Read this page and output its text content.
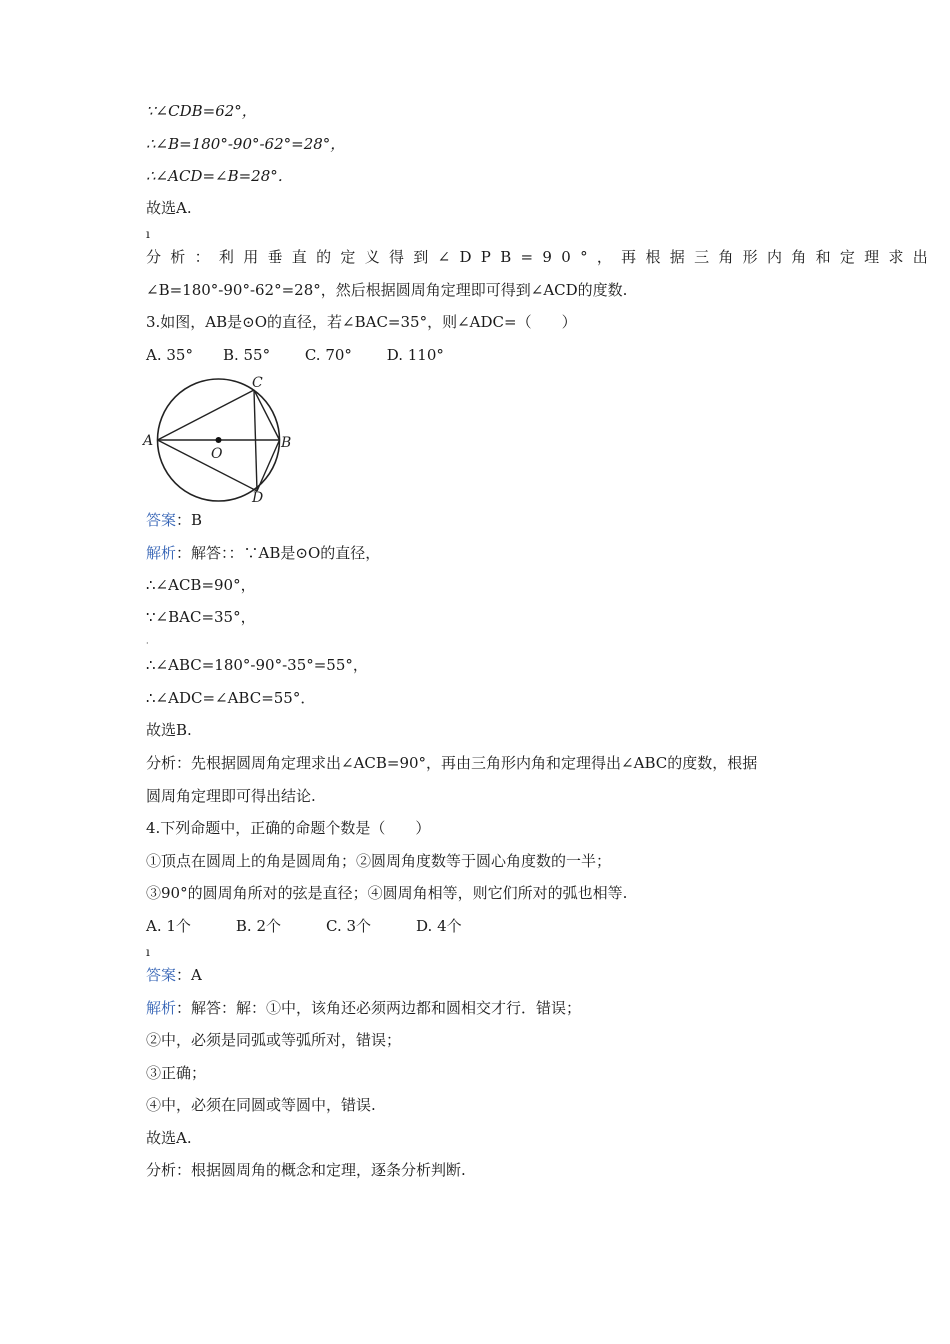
∵∠CDB=62°，
∴∠B=180°-90°-62°=28°，
∴∠ACD=∠B=28°．
故选A.
ı
分析：利用垂直的定义得到∠DPB=90°，再根据三角形内角和定理求出
∠B=180°-90°-62°=28°，然后根据圆周角定理即可得到∠ACD的度数.
3.如图，AB是⊙O的直径，若∠BAC=35°，则∠ADC=（　　）
A. 35°　　B. 55°　　 C. 70°　　 D. 110°
A	B
C
D
O
答案：B
解析：解答：：∵AB是⊙O的直径，
∴∠ACB=90°，
∵∠BAC=35°，
·
∴∠ABC=180°-90°-35°=55°，
∴∠ADC=∠ABC=55°．
故选B.
分析：先根据圆周角定理求出∠ACB=90°，再由三角形内角和定理得出∠ABC的度数，根据
圆周角定理即可得出结论.
4.下列命题中，正确的命题个数是（　　）
①顶点在圆周上的角是圆周角；②圆周角度数等于圆心角度数的一半；
③90°的圆周角所对的弦是直径；④圆周角相等，则它们所对的弧也相等.
A. 1个　　　B. 2个　　　C. 3个　　　D. 4个
ı
答案：A
解析：解答：解：①中，该角还必须两边都和圆相交才行．错误；
②中，必须是同弧或等弧所对，错误；
③正确；
④中，必须在同圆或等圆中，错误.
故选A.
分析：根据圆周角的概念和定理，逐条分析判断.
